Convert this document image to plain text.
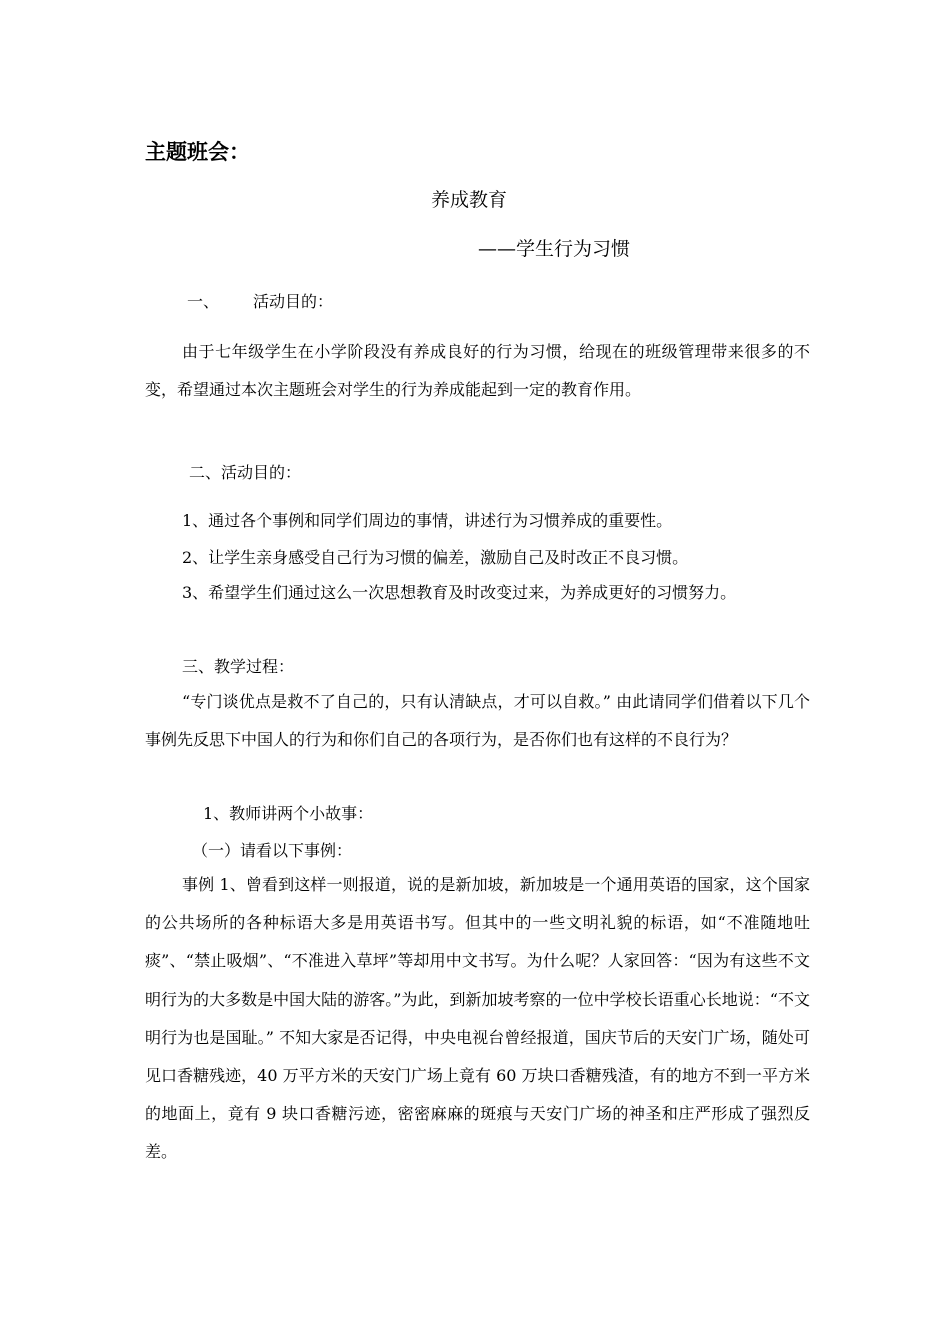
主题班会：
养成教育
——学生行为习惯
一、 活动目的：
由于七年级学生在小学阶段没有养成良好的行为习惯，给现在的班级管理带来很多的不变，希望通过本次主题班会对学生的行为养成能起到一定的教育作用。
二、活动目的：
1、通过各个事例和同学们周边的事情，讲述行为习惯养成的重要性。
2、让学生亲身感受自己行为习惯的偏差，激励自己及时改正不良习惯。
3、希望学生们通过这么一次思想教育及时改变过来，为养成更好的习惯努力。
三、教学过程：
“专门谈优点是救不了自己的，只有认清缺点，才可以自救。” 由此请同学们借着以下几个事例先反思下中国人的行为和你们自己的各项行为，是否你们也有这样的不良行为？
1、教师讲两个小故事：
（一）请看以下事例：
事例 1、曾看到这样一则报道，说的是新加坡，新加坡是一个通用英语的国家，这个国家的公共场所的各种标语大多是用英语书写。但其中的一些文明礼貌的标语，如“不准随地吐痰”、“禁止吸烟”、“不准进入草坪”等却用中文书写。为什么呢？人家回答：“因为有这些不文明行为的大多数是中国大陆的游客。”为此，到新加坡考察的一位中学校长语重心长地说：“不文明行为也是国耻。” 不知大家是否记得，中央电视台曾经报道，国庆节后的天安门广场，随处可见口香糖残迹，40 万平方米的天安门广场上竟有 60 万块口香糖残渣，有的地方不到一平方米的地面上，竟有 9 块口香糖污迹，密密麻麻的斑痕与天安门广场的神圣和庄严形成了强烈反差。
